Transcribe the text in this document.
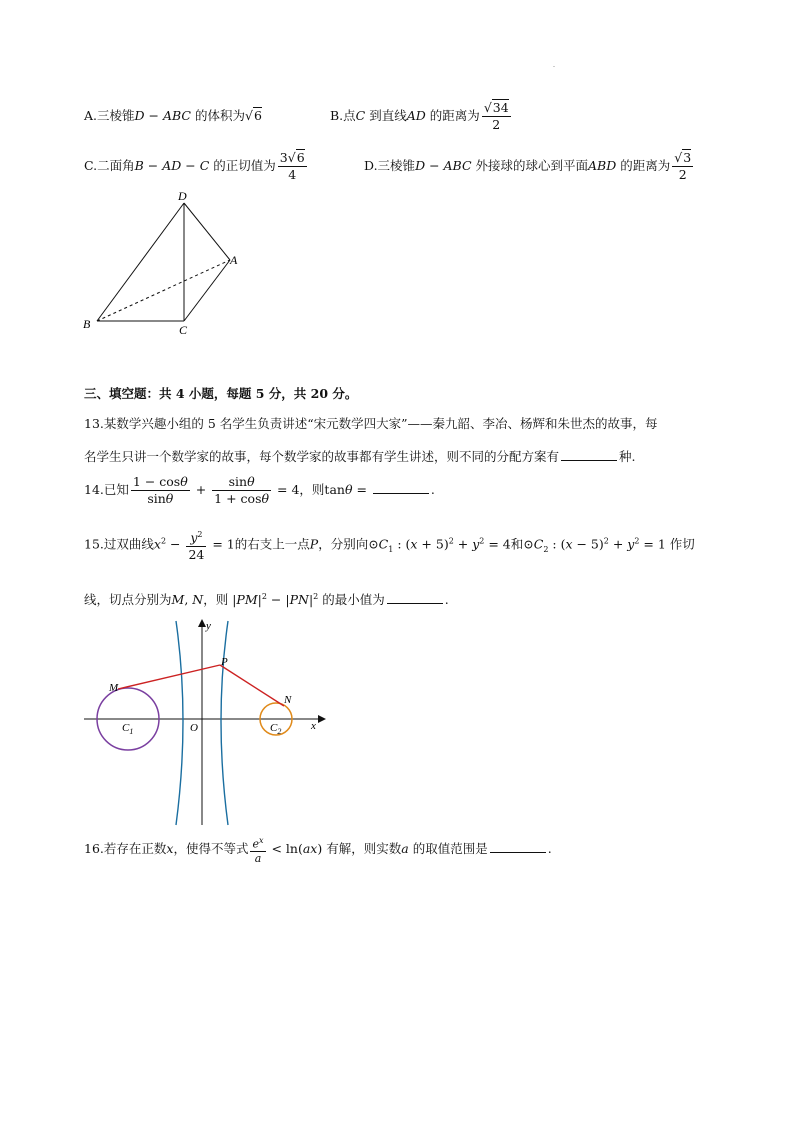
A.三棱锥D − ABC 的体积为√6	B.点C 到直线AD 的距离为 $\frac{√34}{2}$
C.二面角B − AD − C 的正切值为 $\frac{3√6}{4}$	D.三棱锥D − ABC 外接球的球心到平面ABD 的距离为 $\frac{√3}{2}$
D
A
B	C
三、填空题：共 4 小题，每题 5 分，共 20 分。
13.某数学兴趣小组的 5 名学生负责讲述“宋元数学四大家”——秦九韶、李冶、杨辉和朱世杰的故事，每
名学生只讲一个数学家的故事，每个数学家的故事都有学生讲述，则不同的分配方案有	种.
14.已知 $\frac{1 - \cos\theta}{\sin\theta} + \frac{\sin\theta}{1 + \cos\theta} = 4$，则tanθ =	.
15.过双曲线$x^2 - \frac{y^2}{24} = 1$的右支上一点P，分别向$⊙C_1$ : $(x + 5)^2 + y^2 = 4$和$⊙C_2$ : $(x - 5)^2 + y^2 = 1$ 作切
线，切点分别为M, N，则 $|PM|^2 - |PN|^2$ 的最小值为	.
y
P
M
N
$C_1$	O	$C_2$	x
16.若存在正数x，使得不等式 $\frac{e^x}{a} < \ln(ax)$ 有解，则实数a 的取值范围是	.
